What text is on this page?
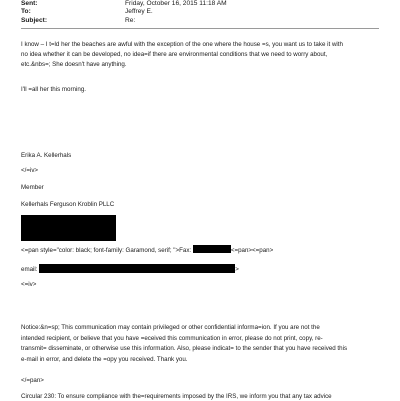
Sent:	Friday, October 16, 2015 11:18 AM
To:	Jeffrey E.
Subject:	Re:
I know – I t=ld her the beaches are awful with the exception of the one where the house =s, you want us to take it with
no idea whether it can be developed, no idea=if there are environmental conditions that we need to worry about,
etc.&nbs=; She doesn't have anything.
I'll =all her this morning.
Erika A. Kellerhals
</=iv>
Member
Kellerhals Ferguson Kroblin PLLC
<=pan style="color: black; font-family: Garamond, serif; ">Fax:	<=pan><=pan>
email:	>
<=iv>
Notice:&n=sp; This communication may contain privileged or other confidential informa=ion. If you are not the
intended recipient, or believe that you have =eceived this communication in error, please do not print, copy, re-
transmit= disseminate, or otherwise use this information. Also, please indicat= to the sender that you have received this
e-mail in error, and delete the =opy you received. Thank you.
</=pan>
Circular 230: To ensure compliance with the=requirements imposed by the IRS, we inform you that any tax advice
